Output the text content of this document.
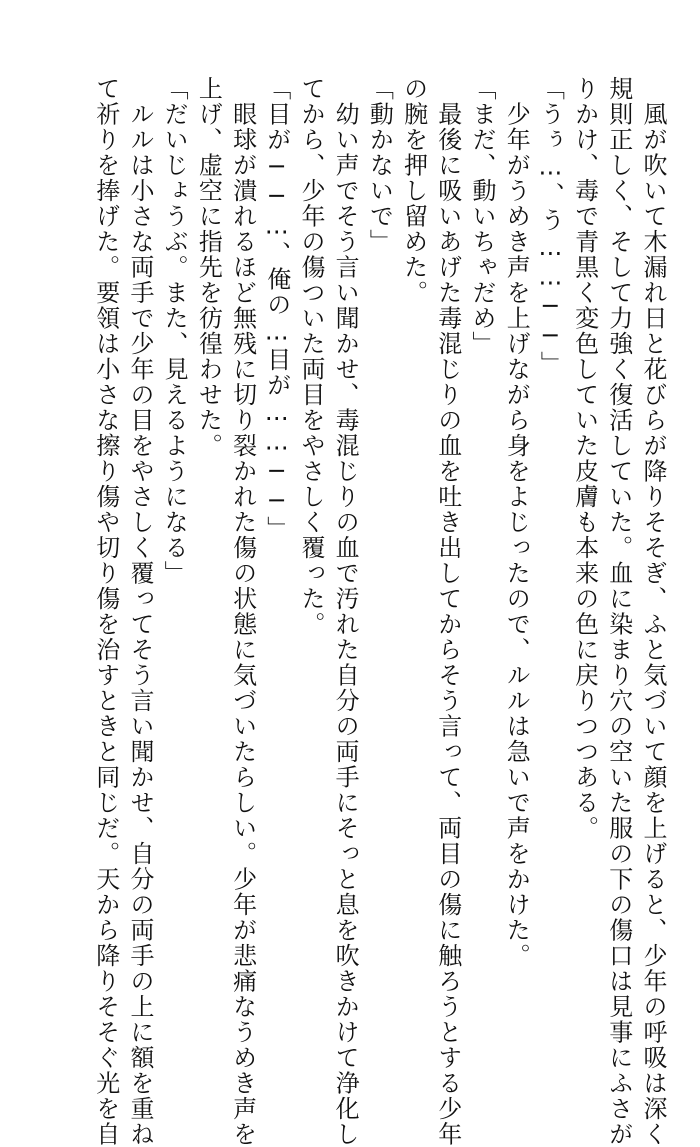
　風が吹いて木漏れ日と花びらが降りそそぎ、ふと気づいて顔を上げると、少年の呼吸は深く
規則正しく、そして力強く復活していた。血に染まり穴の空いた服の下の傷口は見事にふさが
りかけ、毒で青黒く変色していた皮膚も本来の色に戻りつつある。
「うぅ…、う……──」
　少年がうめき声を上げながら身をよじったので、ルルは急いで声をかけた。
「まだ、動いちゃだめ」
　最後に吸いあげた毒混じりの血を吐き出してからそう言って、両目の傷に触ろうとする少年
の腕を押し留めた。
「動かないで」
　幼い声でそう言い聞かせ、毒混じりの血で汚れた自分の両手にそっと息を吹きかけて浄化し
てから、少年の傷ついた両目をやさしく覆った。
「目が──…、俺の…目が……──」
　眼球が潰れるほど無残に切り裂かれた傷の状態に気づいたらしい。少年が悲痛なうめき声を
上げ、虚空に指先を彷徨わせた。
「だいじょうぶ。また、見えるようになる」
　ルルは小さな両手で少年の目をやさしく覆ってそう言い聞かせ、自分の両手の上に額を重ね
て祈りを捧げた。要領は小さな擦り傷や切り傷を治すときと同じだ。天から降りそそぐ光を自
